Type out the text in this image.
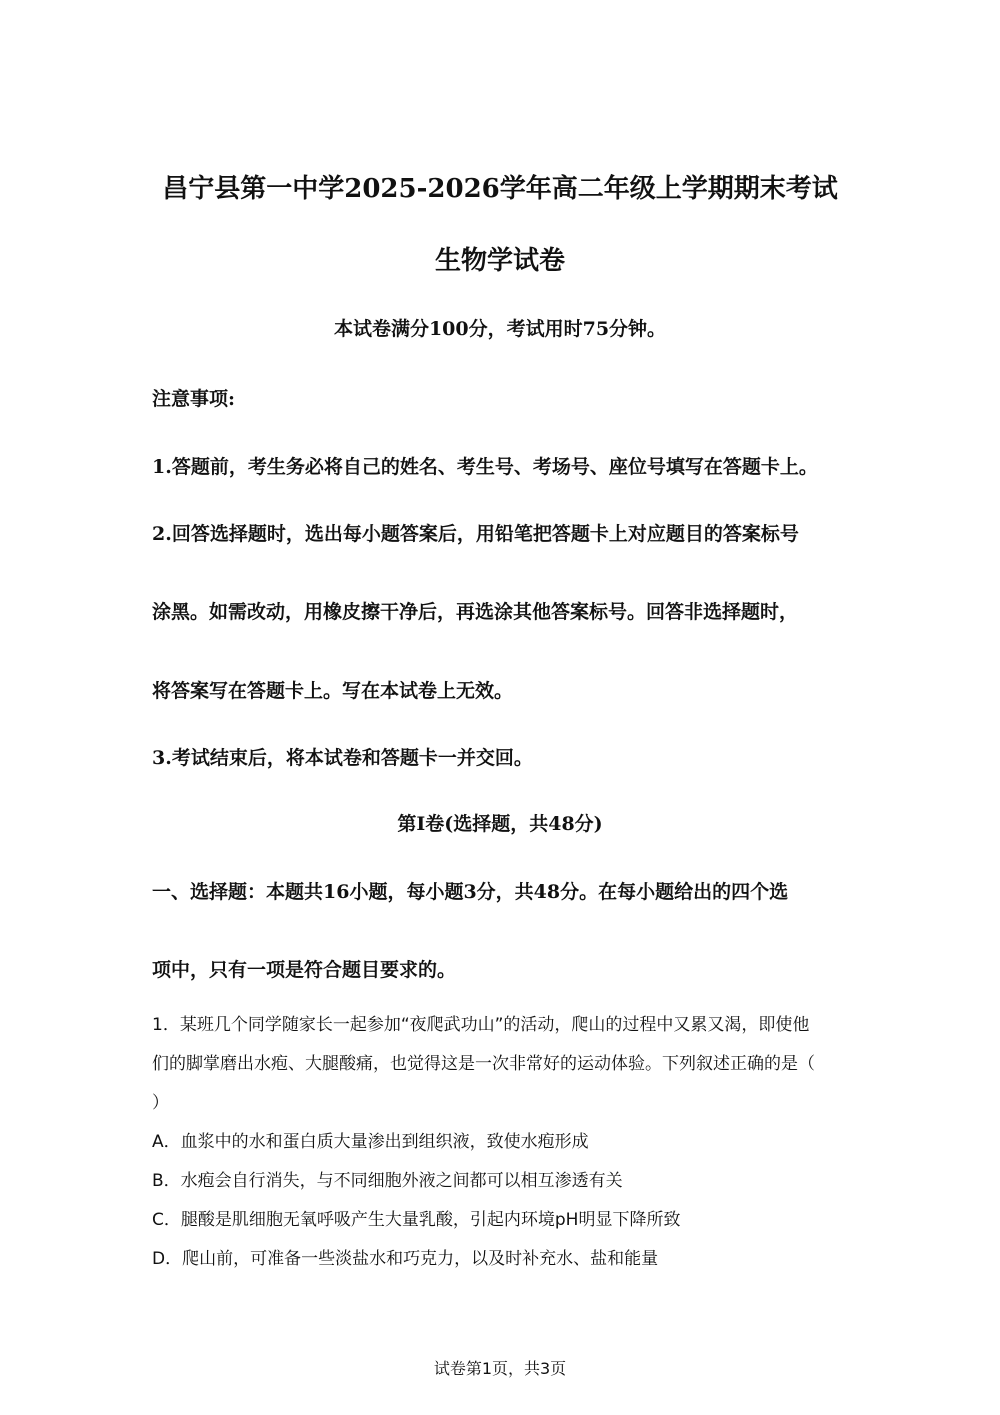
昌宁县第一中学2025-2026学年高二年级上学期期末考试
生物学试卷
本试卷满分100分，考试用时75分钟。
注意事项:
1.答题前，考生务必将自己的姓名、考生号、考场号、座位号填写在答题卡上。
2.回答选择题时，选出每小题答案后，用铅笔把答题卡上对应题目的答案标号
涂黑。如需改动，用橡皮擦干净后，再选涂其他答案标号。回答非选择题时，
将答案写在答题卡上。写在本试卷上无效。
3.考试结束后，将本试卷和答题卡一并交回。
第Ⅰ卷(选择题，共48分)
一、选择题：本题共16小题，每小题3分，共48分。在每小题给出的四个选
项中，只有一项是符合题目要求的。
1．某班几个同学随家长一起参加“夜爬武功山”的活动，爬山的过程中又累又渴，即使他
们的脚掌磨出水疱、大腿酸痛，也觉得这是一次非常好的运动体验。下列叙述正确的是（
）
A．血浆中的水和蛋白质大量渗出到组织液，致使水疱形成
B．水疱会自行消失，与不同细胞外液之间都可以相互渗透有关
C．腿酸是肌细胞无氧呼吸产生大量乳酸，引起内环境pH明显下降所致
D．爬山前，可准备一些淡盐水和巧克力，以及时补充水、盐和能量
试卷第1页，共3页
